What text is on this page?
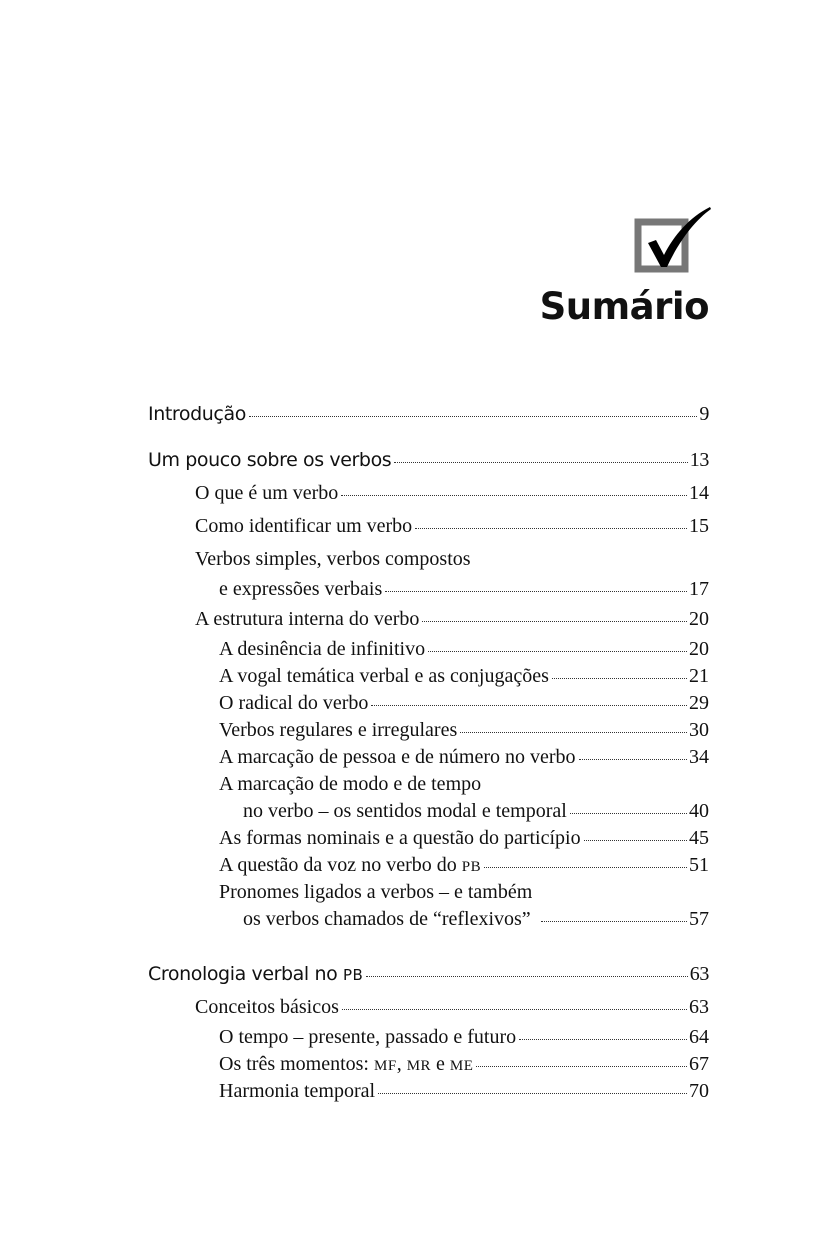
Sumário
Introdução	9
Um pouco sobre os verbos	13
O que é um verbo	14
Como identificar um verbo	15
Verbos simples, verbos compostos
e expressões verbais	17
A estrutura interna do verbo	20
A desinência de infinitivo	20
A vogal temática verbal e as conjugações	21
O radical do verbo	29
Verbos regulares e irregulares	30
A marcação de pessoa e de número no verbo	34
A marcação de modo e de tempo
no verbo – os sentidos modal e temporal	40
As formas nominais e a questão do particípio	45
A questão da voz no verbo do PB	51
Pronomes ligados a verbos – e também
os verbos chamados de “reflexivos”	57
Cronologia verbal no PB	63
Conceitos básicos	63
O tempo – presente, passado e futuro	64
Os três momentos: MF, MR e ME	67
Harmonia temporal	70
